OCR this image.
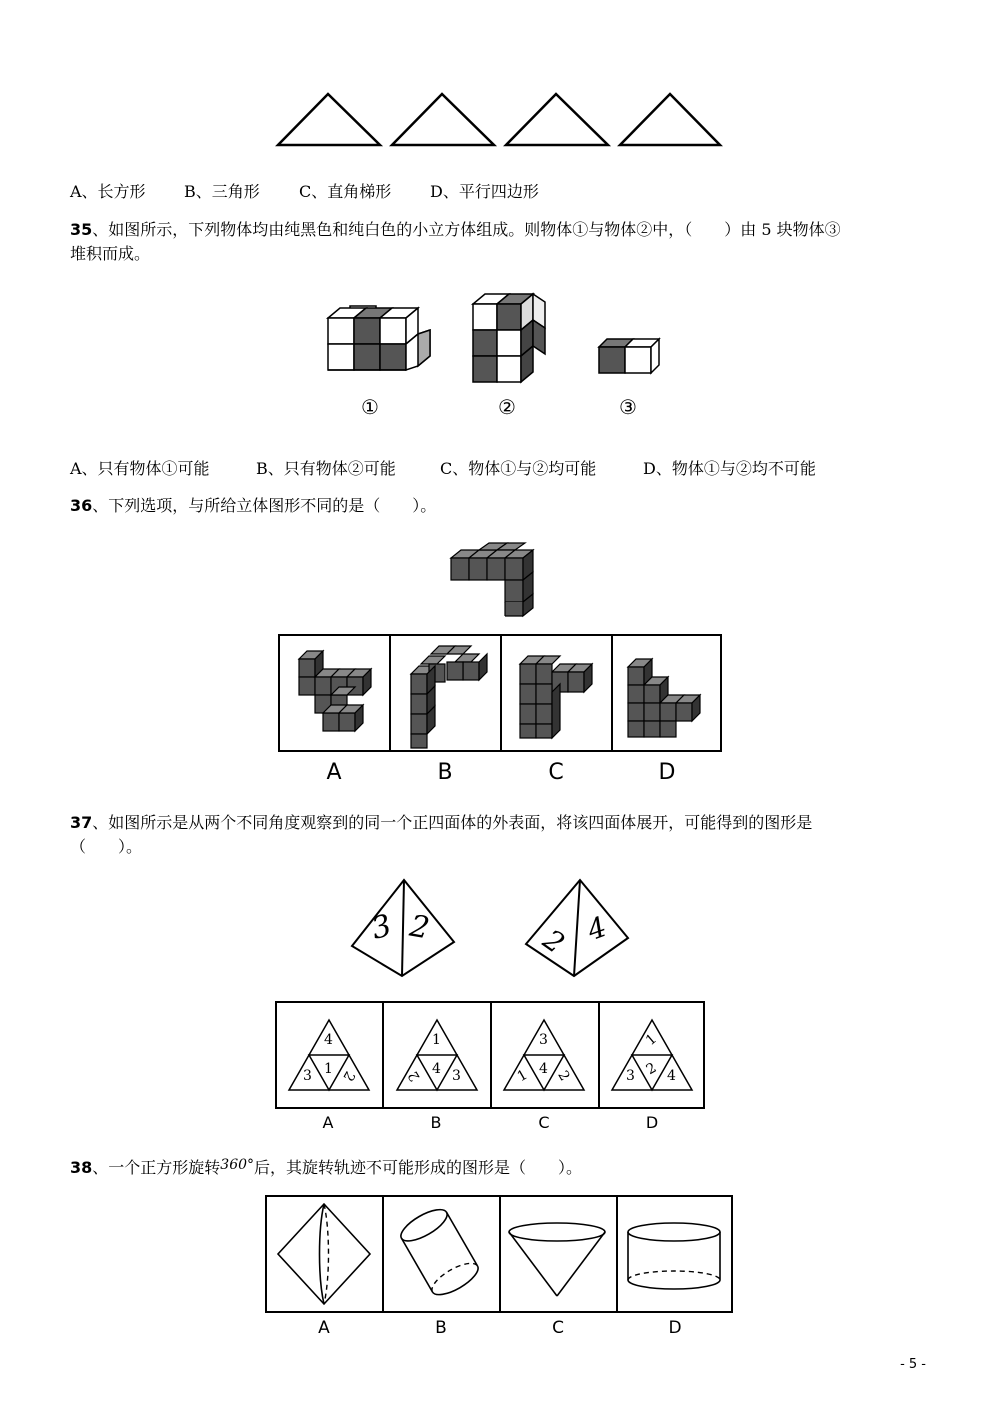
A、长方形 B、三角形 C、直角梯形 D、平行四边形
35、如图所示，下列物体均由纯黑色和纯白色的小立方体组成。则物体①与物体②中，（　　）由 5 块物体③
堆积而成。
①	②	③
A、只有物体①可能	B、只有物体②可能	C、物体①与②均可能	D、物体①与②均不可能
36、下列选项，与所给立体图形不同的是（　　）。
A	B	C	D
37、如图所示是从两个不同角度观察到的同一个正四面体的外表面，将该四面体展开，可能得到的图形是
（　　）。
3 2	2 4
4
1
3 2
1
4
2 3
3
4
1 2
1
2
3 4
A	B	C	D
38、一个正方形旋转360°后，其旋转轨迹不可能形成的图形是（　　）。
A	B	C	D
- 5 -
